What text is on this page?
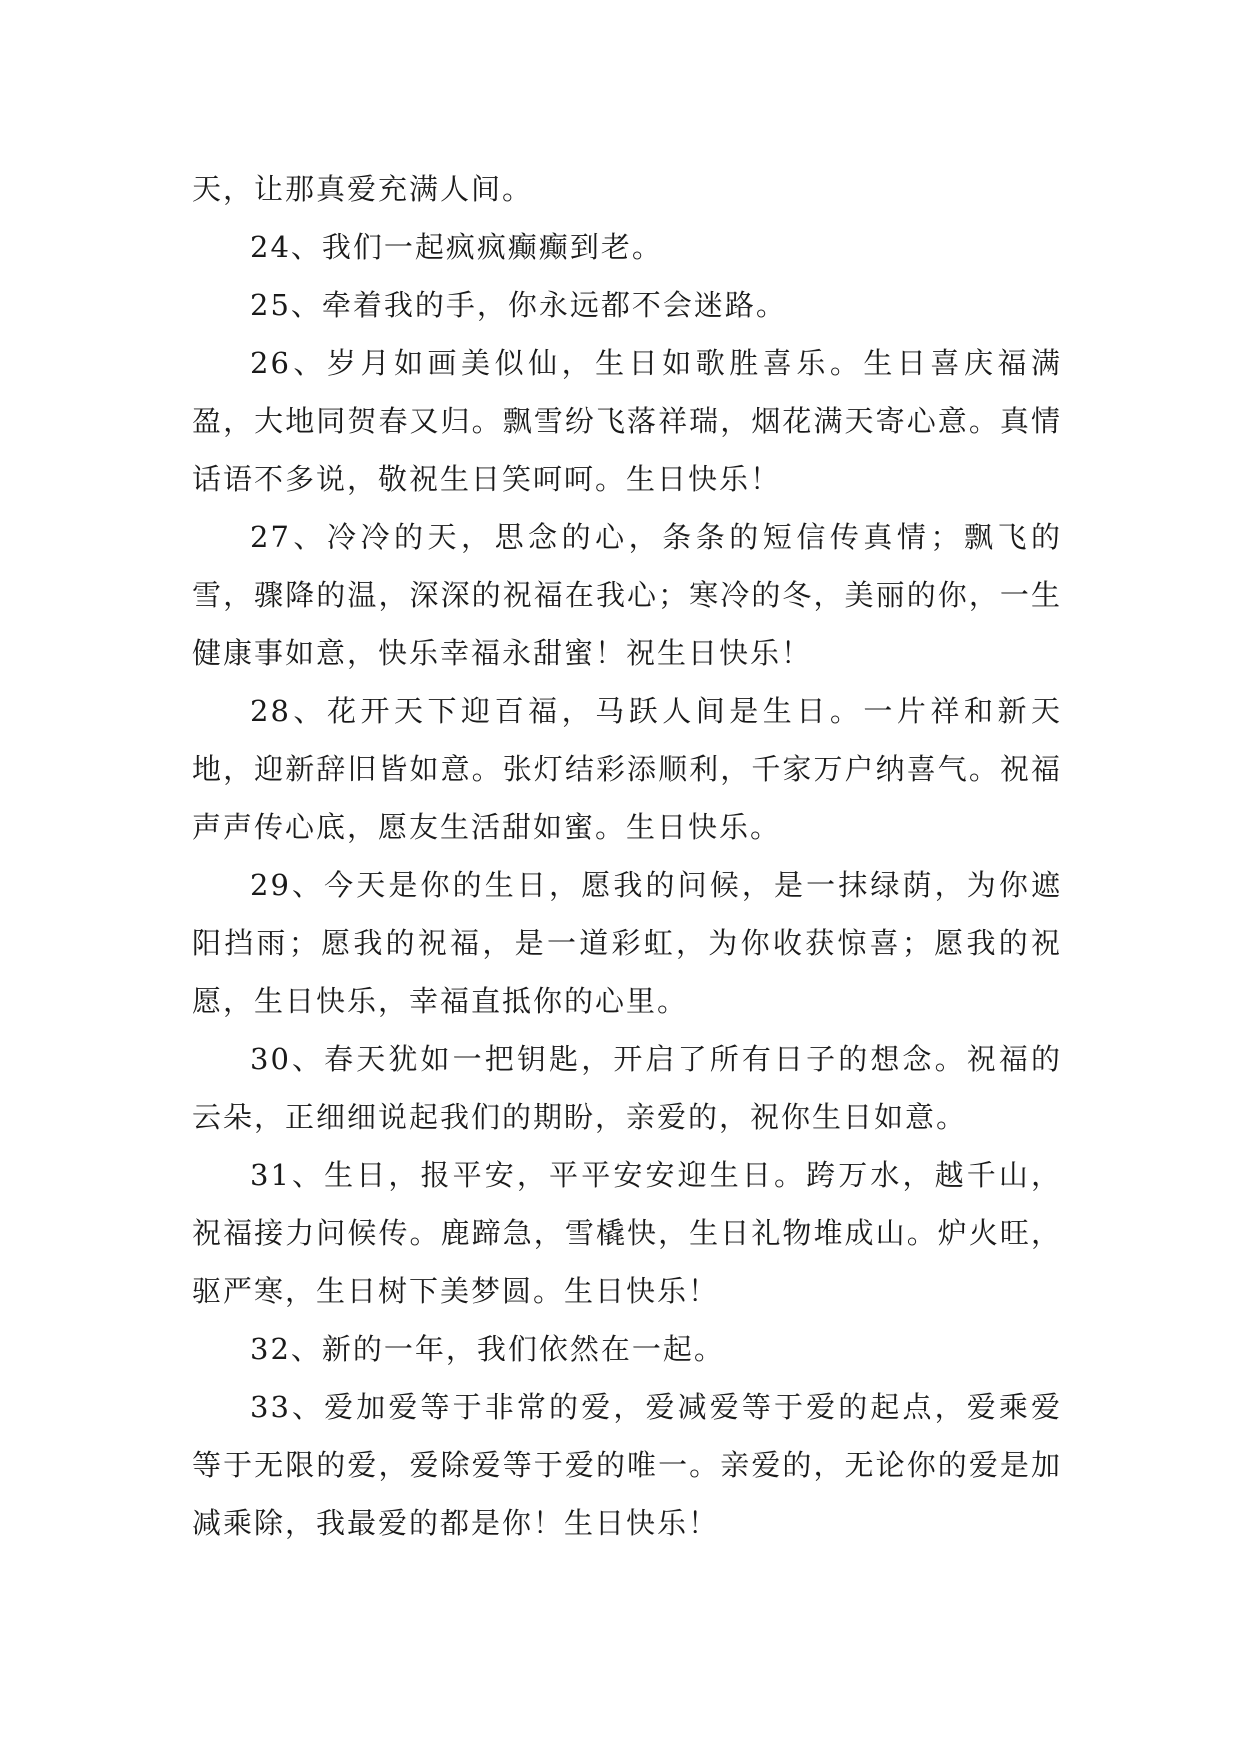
天，让那真爱充满人间。

24、我们一起疯疯癫癫到老。

25、牵着我的手，你永远都不会迷路。

26、岁月如画美似仙，生日如歌胜喜乐。生日喜庆福满盈，大地同贺春又归。飘雪纷飞落祥瑞，烟花满天寄心意。真情话语不多说，敬祝生日笑呵呵。生日快乐！

27、冷冷的天，思念的心，条条的短信传真情；飘飞的雪，骤降的温，深深的祝福在我心；寒冷的冬，美丽的你，一生健康事如意，快乐幸福永甜蜜！祝生日快乐！

28、花开天下迎百福，马跃人间是生日。一片祥和新天地，迎新辞旧皆如意。张灯结彩添顺利，千家万户纳喜气。祝福声声传心底，愿友生活甜如蜜。生日快乐。

29、今天是你的生日，愿我的问候，是一抹绿荫，为你遮阳挡雨；愿我的祝福，是一道彩虹，为你收获惊喜；愿我的祝愿，生日快乐，幸福直抵你的心里。

30、春天犹如一把钥匙，开启了所有日子的想念。祝福的云朵，正细细说起我们的期盼，亲爱的，祝你生日如意。

31、生日，报平安，平平安安迎生日。跨万水，越千山，祝福接力问候传。鹿蹄急，雪橇快，生日礼物堆成山。炉火旺，驱严寒，生日树下美梦圆。生日快乐！

32、新的一年，我们依然在一起。

33、爱加爱等于非常的爱，爱减爱等于爱的起点，爱乘爱等于无限的爱，爱除爱等于爱的唯一。亲爱的，无论你的爱是加减乘除，我最爱的都是你！生日快乐！
